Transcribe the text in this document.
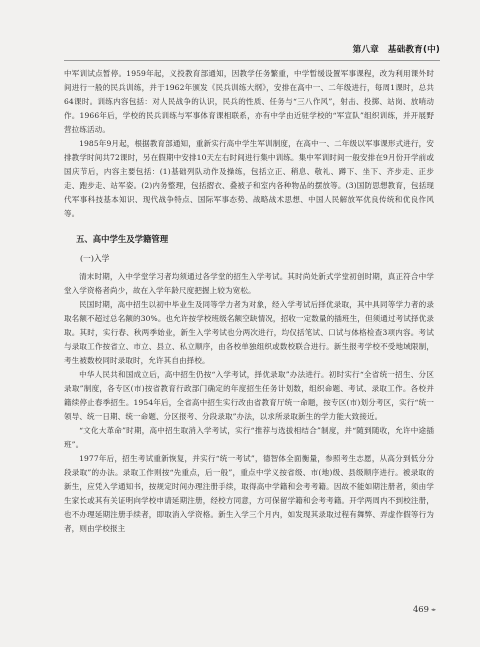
第八章　基础教育(中)

中军训试点暂停。1959年起，义投教育部通知，因教学任务繁重，中学暂缓设置军事课程，改为利用课外时间进行一般的民兵训练，并于1962年颁发《民兵训练大纲》，安排在高中一、二年级进行，每周1课时，总共64课时。训练内容包括：对人民战争的认识，民兵的性质、任务与“三八作风”，射击、投掷、站岗、放哨动作。1966年后，学校的民兵训练与军事体育课相联系，亦有中学由近驻学校的“军宣队”组织训练，并开展野营拉练活动。

1985年9月起，根据教育部通知，重新实行高中学生军训制度，在高中一、二年级以军事课形式进行，安排教学时间共72课时，另在假期中安排10天左右时间进行集中训练。集中军训时间一般安排在9月份开学前或国庆节后，内容主要包括：(1)基础列队动作及操练，包括立正、稍息、敬礼、蹲下、坐下、齐步走、正步走、跑步走、站军姿。(2)内务整理，包括摺衣、叠被子和室内各种物品的摆放等。(3)国防思想教育，包括现代军事科技基本知识、现代战争特点、国际军事态势、战略战术思想、中国人民解放军优良传统和优良作风等。

五、高中学生及学籍管理
(一)入学

清末时期，入中学堂学习者均须通过各学堂的招生入学考试。其时尚处新式学堂初创时期，真正符合中学堂入学资格者尚少，故在入学年龄尺度把握上较为宽松。

民国时期，高中招生以初中毕业生及同等学力者为对象，经入学考试后择优录取，其中具同等学力者的录取名额不超过总名额的30%。也允许按学校班级名额空缺情况，招收一定数量的插班生，但须通过考试择优录取。其时，实行春、秋两季始业，新生入学考试也分两次进行，均仅括笔试、口试与体格检查3项内容。考试与录取工作按省立、市立、县立、私立顺序，由各校单独组织或数校联合进行。新生报考学校不受地域限制，考生被数校同时录取时，允许其自由择校。

中华人民共和国成立后，高中招生仍按“入学考试，择优录取”办法进行。初时实行“全省统一招生、分区录取”制度，各专区(市)按省教育行政部门确定的年度招生任务计划数，组织命题、考试、录取工作。各校并籍续停止春季招生。1954年后，全省高中招生实行改由省教育厅统一命题，按专区(市)划分考区，实行“统一领导、统一日期、统一命题、分区报考、分段录取”办法，以求所录取新生的学力能大致接近。

“文化大革命”时期，高中招生取消入学考试，实行“推荐与选拔相结合”制度，并“随到随收，允许中途插班”。

1977年后，招生考试重新恢复，并实行“统一考试”，德智体全面衡量，参照考生志愿，从高分到低分分段录取”的办法。录取工作则按“先重点，后一般”，重点中学义按省级、市(地)级、县级顺序进行。被录取的新生，应凭入学通知书，按规定时间办理注册手续，取得高中学籍和会考考籍。因故不能如期注册者，须由学生家长或其有关证明向学校申请延期注册，经校方同意，方可保留学籍和会考考籍。开学两周内不到校注册，也不办理延期注册手续者，即取消入学资格。新生入学三个月内，如发现其录取过程有舞弊、弄虚作假等行为者，则由学校报主

469 ◂▸
